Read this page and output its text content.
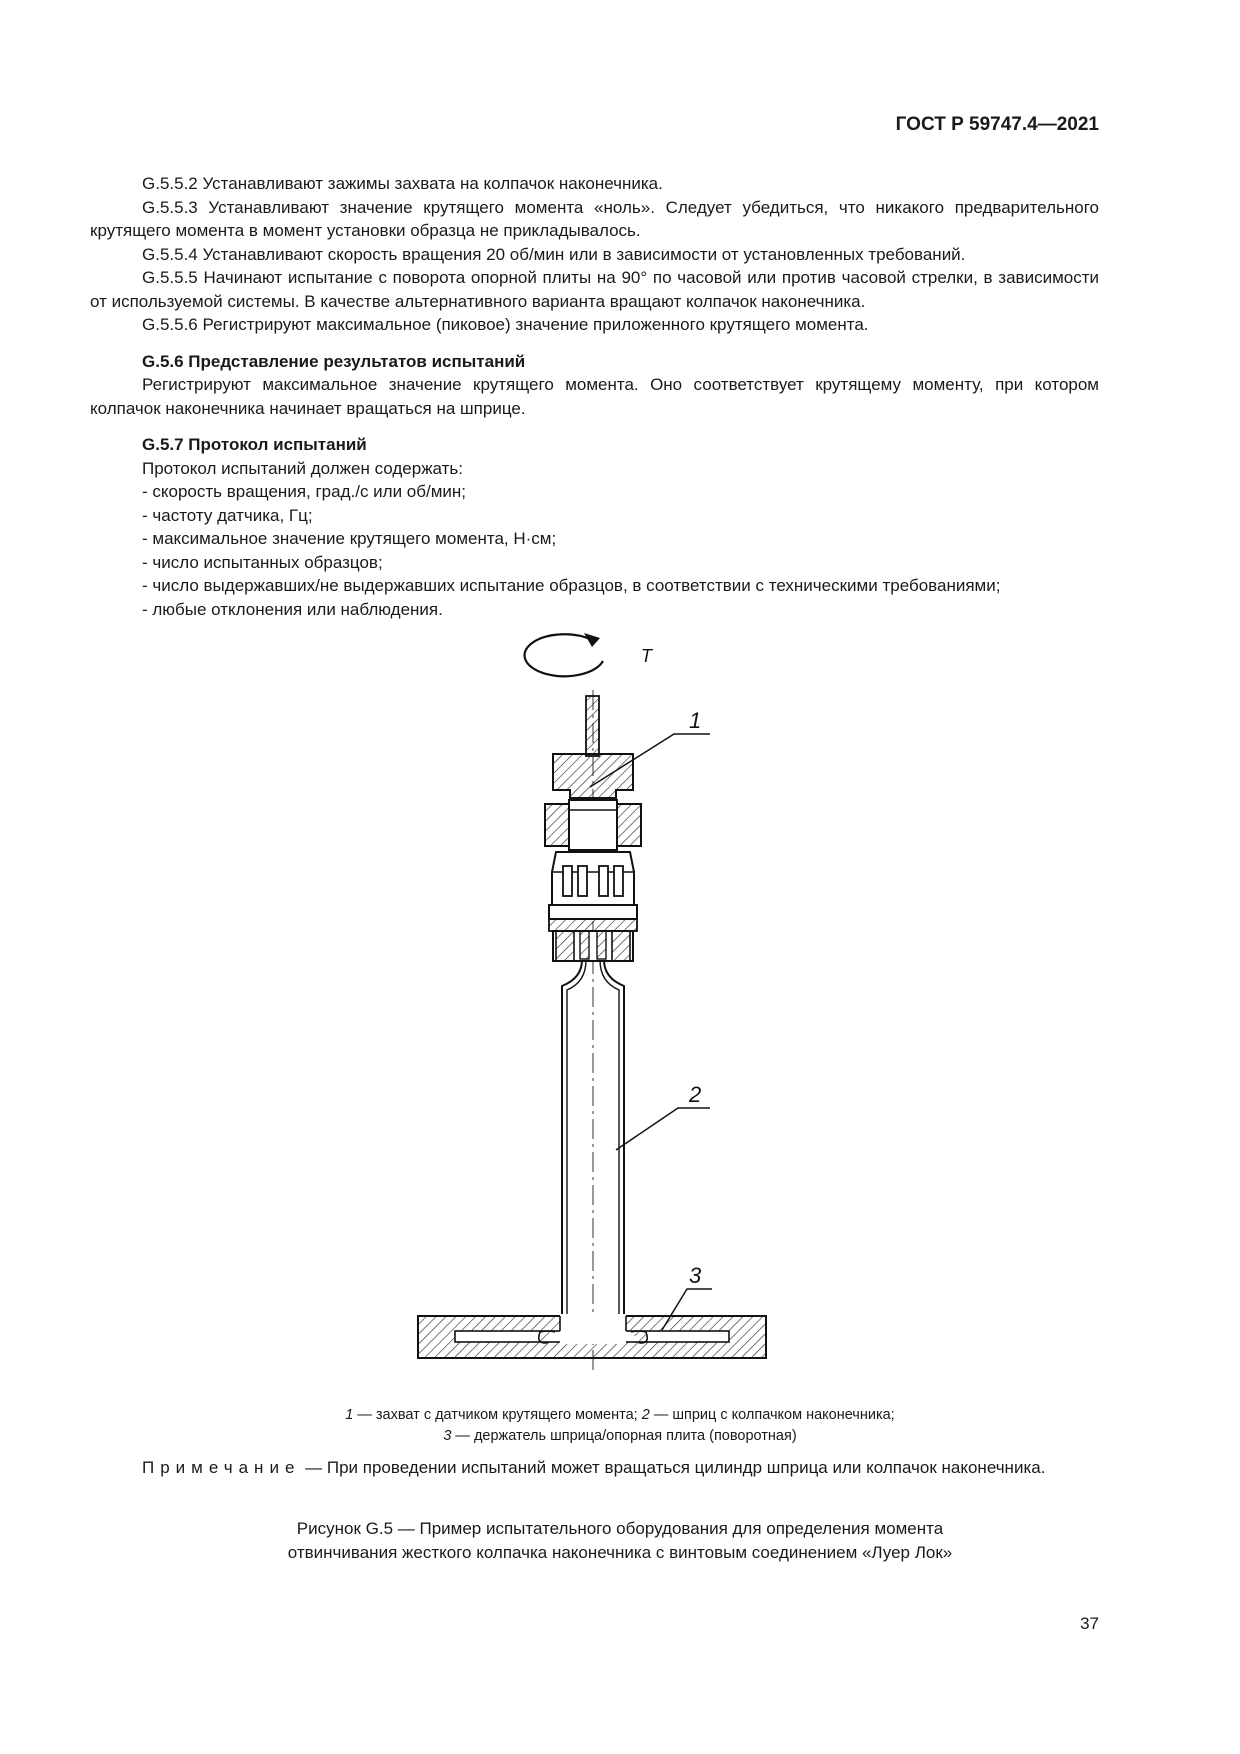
ГОСТ Р 59747.4—2021

G.5.5.2 Устанавливают зажимы захвата на колпачок наконечника.

G.5.5.3 Устанавливают значение крутящего момента «ноль». Следует убедиться, что никакого предварительного крутящего момента в момент установки образца не прикладывалось.

G.5.5.4 Устанавливают скорость вращения 20 об/мин или в зависимости от установленных требований.

G.5.5.5 Начинают испытание с поворота опорной плиты на 90° по часовой или против часовой стрелки, в зависимости от используемой системы. В качестве альтернативного варианта вращают колпачок наконечника.

G.5.5.6 Регистрируют максимальное (пиковое) значение приложенного крутящего момента.

G.5.6 Представление результатов испытаний

Регистрируют максимальное значение крутящего момента. Оно соответствует крутящему моменту, при котором колпачок наконечника начинает вращаться на шприце.

G.5.7 Протокол испытаний

Протокол испытаний должен содержать:

- скорость вращения, град./с или об/мин;

- частоту датчика, Гц;

- максимальное значение крутящего момента, Н·см;

- число испытанных образцов;

- число выдержавших/не выдержавших испытание образцов, в соответствии с техническими требованиями;

- любые отклонения или наблюдения.

T
1
2
3
1 — захват с датчиком крутящего момента; 2 — шприц с колпачком наконечника;
3 — держатель шприца/опорная плита (поворотная)
Примечание — При проведении испытаний может вращаться цилиндр шприца или колпачок наконечника.
Рисунок G.5 — Пример испытательного оборудования для определения момента
отвинчивания жесткого колпачка наконечника с винтовым соединением «Луер Лок»
37
